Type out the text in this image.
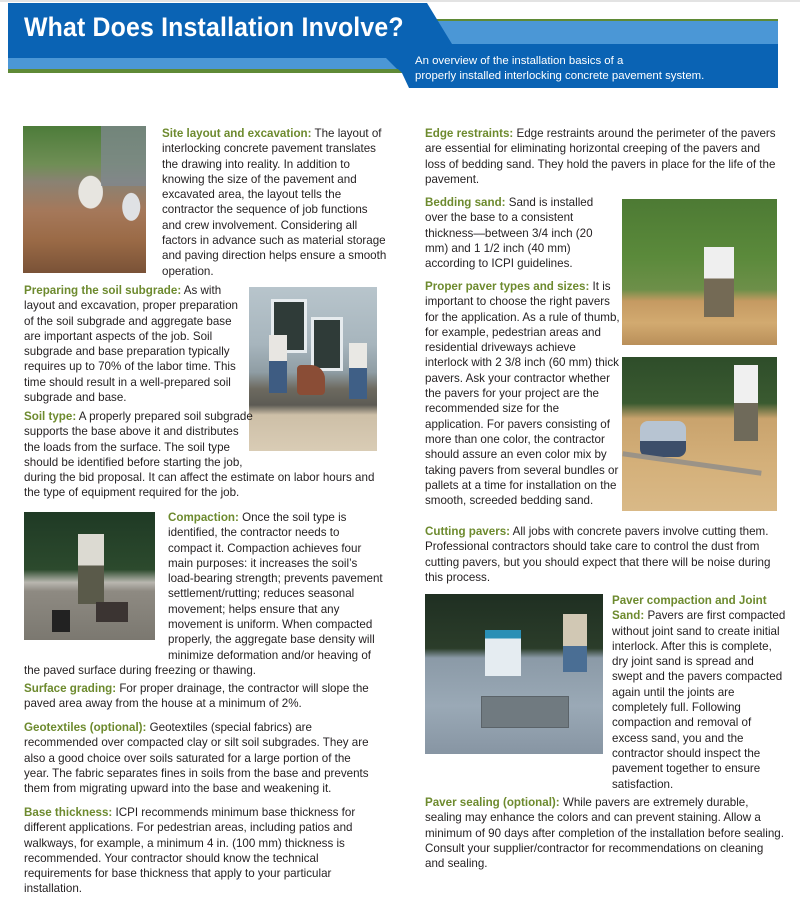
What Does Installation Involve?
An overview of the installation basics of a
properly installed interlocking concrete pavement system.

Site layout and excavation: The layout of interlocking concrete pavement translates the drawing into reality. In addition to knowing the size of the pavement and excavated area, the layout tells the contractor the sequence of job functions and crew involvement. Considering all factors in advance such as material storage and paving direction helps ensure a smooth operation.

Preparing the soil subgrade: As with layout and excavation, proper preparation of the soil subgrade and aggregate base are important aspects of the job. Soil subgrade and base preparation typically requires up to 70% of the labor time. This time should result in a well-prepared soil subgrade and base.

Soil type: A properly prepared soil subgrade supports the base above it and distributes the loads from the surface. The soil type should be identified before starting the job, during the bid proposal. It can affect the estimate on labor hours and the type of equipment required for the job.

Compaction: Once the soil type is identified, the contractor needs to compact it. Compaction achieves four main purposes: it increases the soil’s load-bearing strength; prevents pavement settlement/rutting; reduces seasonal movement; helps ensure that any movement is uniform. When compacted properly, the aggregate base density will minimize deformation and/or heaving of the paved surface during freezing or thawing.

Surface grading: For proper drainage, the contractor will slope the paved area away from the house at a minimum of 2%.

Geotextiles (optional): Geotextiles (special fabrics) are recommended over compacted clay or silt soil subgrades. They are also a good choice over soils saturated for a large portion of the year. The fabric separates fines in soils from the base and prevents them from migrating upward into the base and weakening it.

Base thickness: ICPI recommends minimum base thickness for different applications. For pedestrian areas, including patios and walkways, for example, a minimum 4 in. (100 mm) thickness is recommended. Your contractor should know the technical requirements for base thickness that apply to your particular installation.

Edge restraints: Edge restraints around the perimeter of the pavers are essential for eliminating horizontal creeping of the pavers and loss of bedding sand. They hold the pavers in place for the life of the pavement.

Bedding sand: Sand is installed over the base to a consistent thickness—between 3/4 inch (20 mm) and 1 1/2 inch (40 mm) according to ICPI guidelines.

Proper paver types and sizes: It is important to choose the right pavers for the application. As a rule of thumb, for example, pedestrian areas and residential driveways achieve interlock with 2 3/8 inch (60 mm) thick pavers. Ask your contractor whether the pavers for your project are the recommended size for the application. For pavers consisting of more than one color, the contractor should assure an even color mix by taking pavers from several bundles or pallets at a time for installation on the smooth, screeded bedding sand.

Cutting pavers: All jobs with concrete pavers involve cutting them. Professional contractors should take care to control the dust from cutting pavers, but you should expect that there will be noise during this process.

Paver compaction and Joint Sand: Pavers are first compacted without joint sand to create initial interlock. After this is complete, dry joint sand is spread and swept and the pavers compacted again until the joints are completely full. Following compaction and removal of excess sand, you and the contractor should inspect the pavement together to ensure satisfaction.

Paver sealing (optional): While pavers are extremely durable, sealing may enhance the colors and can prevent staining. Allow a minimum of 90 days after completion of the installation before sealing. Consult your supplier/contractor for recommendations on cleaning and sealing.
